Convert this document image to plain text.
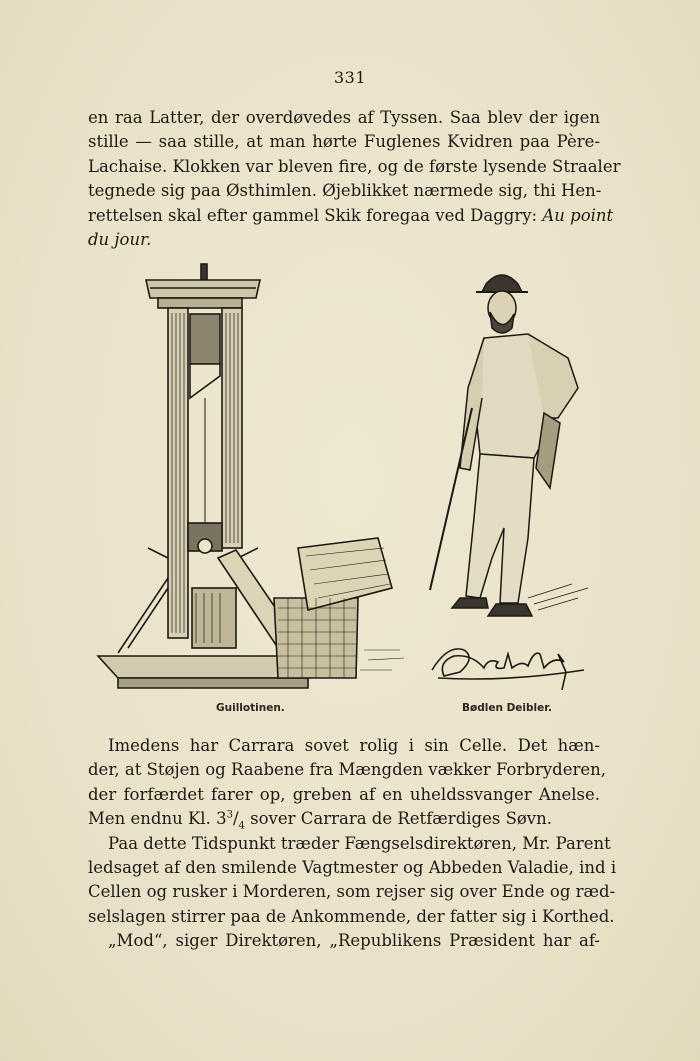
331
en raa Latter, der overdøvedes af Tyssen. Saa blev der igen
stille — saa stille, at man hørte Fuglenes Kvidren paa Père-
Lachaise. Klokken var bleven fire, og de første lysende Straaler
tegnede sig paa Østhimlen. Øjeblikket nærmede sig, thi Hen-
rettelsen skal efter gammel Skik foregaa ved Daggry: Au point
du jour.
Guillotinen.	Bødlen Deibler.
Imedens har Carrara sovet rolig i sin Celle. Det hæn-
der, at Støjen og Raabene fra Mængden vækker Forbryderen,
der forfærdet farer op, greben af en uheldssvanger Anelse.
Men endnu Kl. $3^3/_4$ sover Carrara de Retfærdiges Søvn.
Paa dette Tidspunkt træder Fængselsdirektøren, Mr. Parent
ledsaget af den smilende Vagtmester og Abbeden Valadie, ind i
Cellen og rusker i Morderen, som rejser sig over Ende og ræd-
selslagen stirrer paa de Ankommende, der fatter sig i Korthed.
„Mod“, siger Direktøren, „Republikens Præsident har af-
